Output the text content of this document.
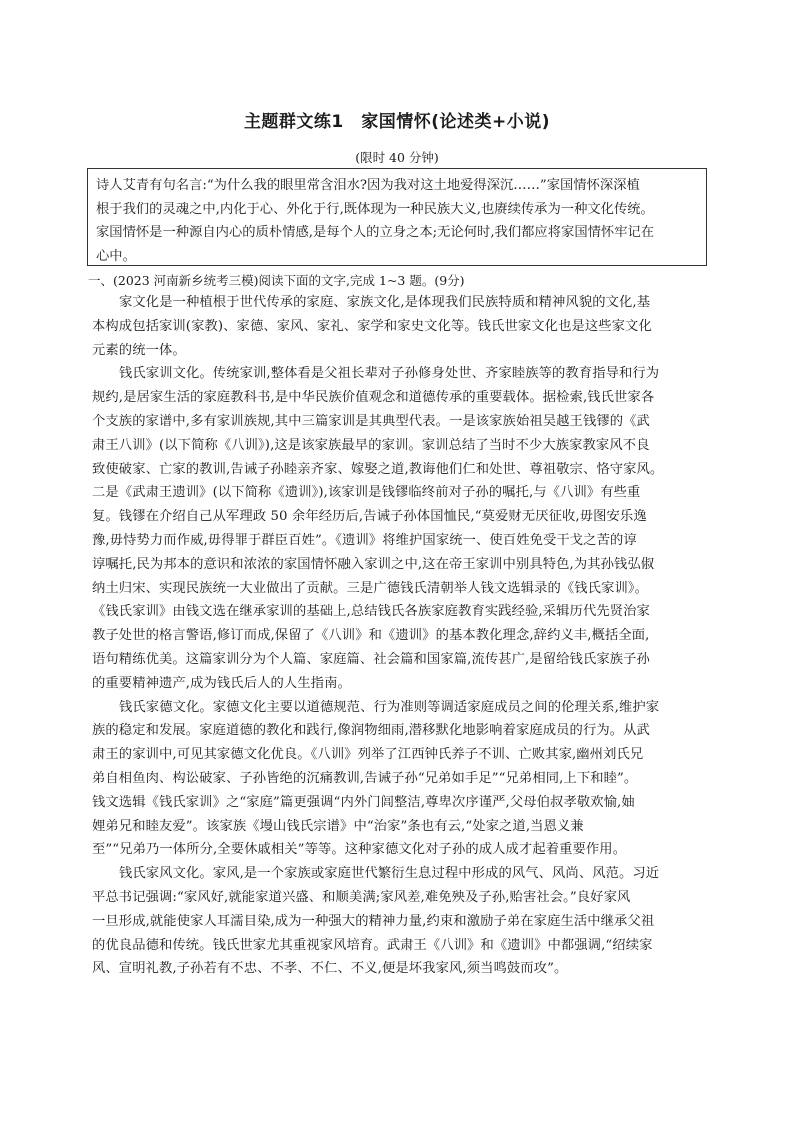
主题群文练1　家国情怀(论述类+小说)
(限时 40 分钟)

诗人艾青有句名言:“为什么我的眼里常含泪水?因为我对这土地爱得深沉……”家国情怀深深植

根于我们的灵魂之中,内化于心、外化于行,既体现为一种民族大义,也赓续传承为一种文化传统。

家国情怀是一种源自内心的质朴情感,是每个人的立身之本;无论何时,我们都应将家国情怀牢记在

心中。

一、(2023 河南新乡统考三模)阅读下面的文字,完成 1~3 题。(9分)
家文化是一种植根于世代传承的家庭、家族文化,是体现我们民族特质和精神风貌的文化,基
本构成包括家训(家教)、家德、家风、家礼、家学和家史文化等。钱氏世家文化也是这些家文化
元素的统一体。
钱氏家训文化。传统家训,整体看是父祖长辈对子孙修身处世、齐家睦族等的教育指导和行为
规约,是居家生活的家庭教科书,是中华民族价值观念和道德传承的重要载体。据检索,钱氏世家各
个支族的家谱中,多有家训族规,其中三篇家训是其典型代表。一是该家族始祖吴越王钱镠的《武
肃王八训》(以下简称《八训》),这是该家族最早的家训。家训总结了当时不少大族家教家风不良
致使破家、亡家的教训,告诫子孙睦亲齐家、嫁娶之道,教诲他们仁和处世、尊祖敬宗、恪守家风。
二是《武肃王遗训》(以下简称《遗训》),该家训是钱镠临终前对子孙的嘱托,与《八训》有些重
复。钱镠在介绍自己从军理政 50 余年经历后,告诫子孙体国恤民,“莫爱财无厌征收,毋图安乐逸
豫,毋恃势力而作威,毋得罪于群臣百姓”。《遗训》将维护国家统一、使百姓免受干戈之苦的谆
谆嘱托,民为邦本的意识和浓浓的家国情怀融入家训之中,这在帝王家训中别具特色,为其孙钱弘俶
纳土归宋、实现民族统一大业做出了贡献。三是广德钱氏清朝举人钱文选辑录的《钱氏家训》。
《钱氏家训》由钱文选在继承家训的基础上,总结钱氏各族家庭教育实践经验,采辑历代先贤治家
教子处世的格言警语,修订而成,保留了《八训》和《遗训》的基本教化理念,辞约义丰,概括全面,
语句精练优美。这篇家训分为个人篇、家庭篇、社会篇和国家篇,流传甚广,是留给钱氏家族子孙
的重要精神遗产,成为钱氏后人的人生指南。
钱氏家德文化。家德文化主要以道德规范、行为准则等调适家庭成员之间的伦理关系,维护家
族的稳定和发展。家庭道德的教化和践行,像润物细雨,潜移默化地影响着家庭成员的行为。从武
肃王的家训中,可见其家德文化优良。《八训》列举了江西钟氏养子不训、亡败其家,幽州刘氏兄
弟自相鱼肉、构讼破家、子孙皆绝的沉痛教训,告诫子孙“兄弟如手足”“兄弟相同,上下和睦”。
钱文选辑《钱氏家训》之“家庭”篇更强调“内外门闾整洁,尊卑次序谨严,父母伯叔孝敬欢愉,妯
娌弟兄和睦友爱”。该家族《墁山钱氏宗谱》中“治家”条也有云,“处家之道,当恩义兼
至”“兄弟乃一体所分,全要休戚相关”等等。这种家德文化对子孙的成人成才起着重要作用。
钱氏家风文化。家风,是一个家族或家庭世代繁衍生息过程中形成的风气、风尚、风范。习近
平总书记强调:“家风好,就能家道兴盛、和顺美满;家风差,难免殃及子孙,贻害社会。”良好家风
一旦形成,就能使家人耳濡目染,成为一种强大的精神力量,约束和激励子弟在家庭生活中继承父祖
的优良品德和传统。钱氏世家尤其重视家风培育。武肃王《八训》和《遗训》中都强调,“绍续家
风、宣明礼教,子孙若有不忠、不孝、不仁、不义,便是坏我家风,须当鸣鼓而攻”。
